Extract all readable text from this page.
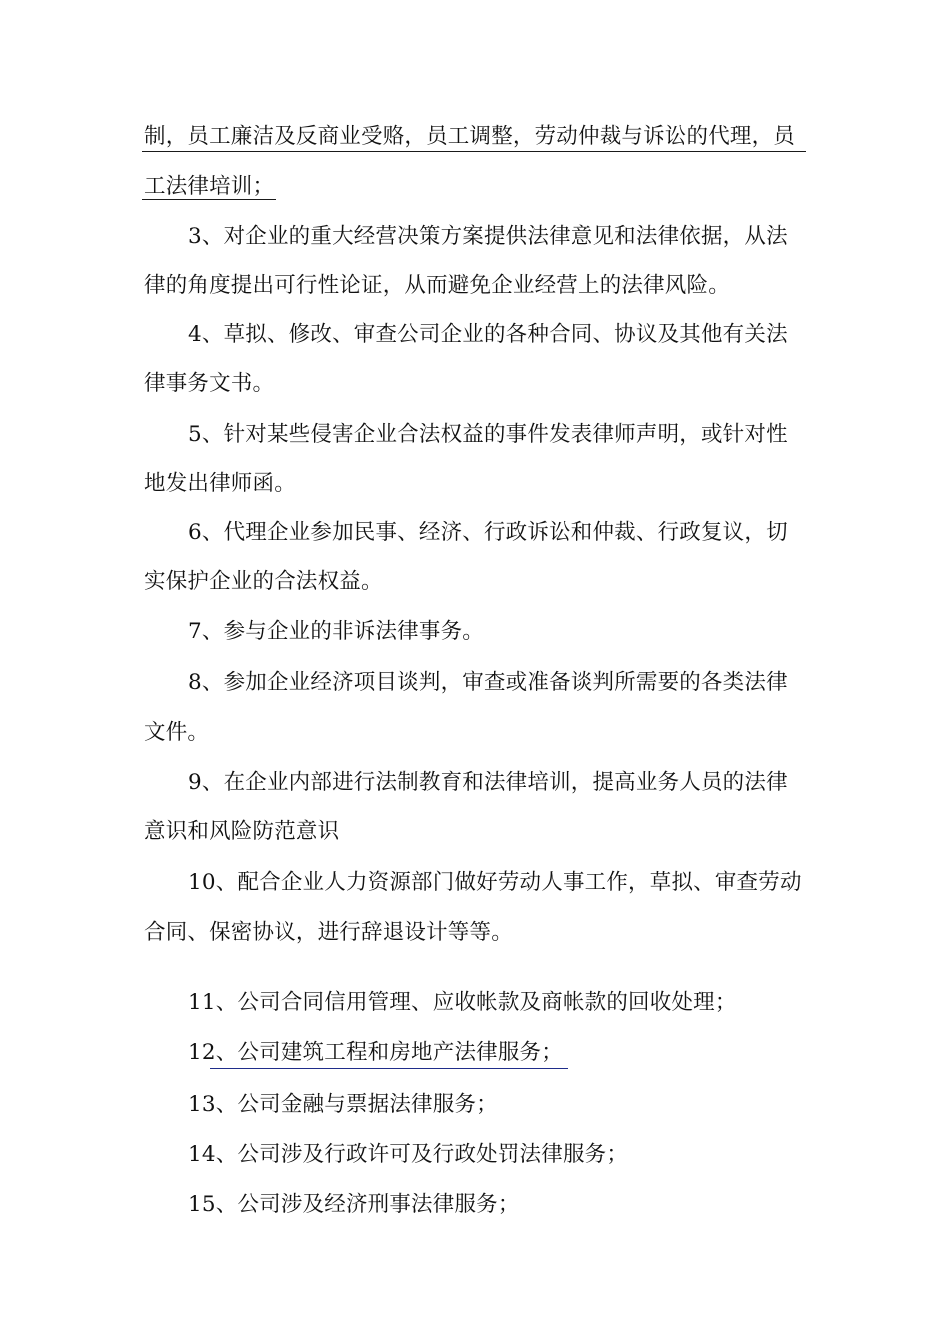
制，员工廉洁及反商业受赂，员工调整，劳动仲裁与诉讼的代理，员
工法律培训；
3、对企业的重大经营决策方案提供法律意见和法律依据，从法
律的角度提出可行性论证，从而避免企业经营上的法律风险。
4、草拟、修改、审查公司企业的各种合同、协议及其他有关法
律事务文书。
5、针对某些侵害企业合法权益的事件发表律师声明，或针对性
地发出律师函。
6、代理企业参加民事、经济、行政诉讼和仲裁、行政复议，切
实保护企业的合法权益。
7、参与企业的非诉法律事务。
8、参加企业经济项目谈判，审查或准备谈判所需要的各类法律
文件。
9、在企业内部进行法制教育和法律培训，提高业务人员的法律
意识和风险防范意识
10、配合企业人力资源部门做好劳动人事工作，草拟、审查劳动
合同、保密协议，进行辞退设计等等。
11、公司合同信用管理、应收帐款及商帐款的回收处理；
12、公司建筑工程和房地产法律服务；
13、公司金融与票据法律服务；
14、公司涉及行政许可及行政处罚法律服务；
15、公司涉及经济刑事法律服务；
